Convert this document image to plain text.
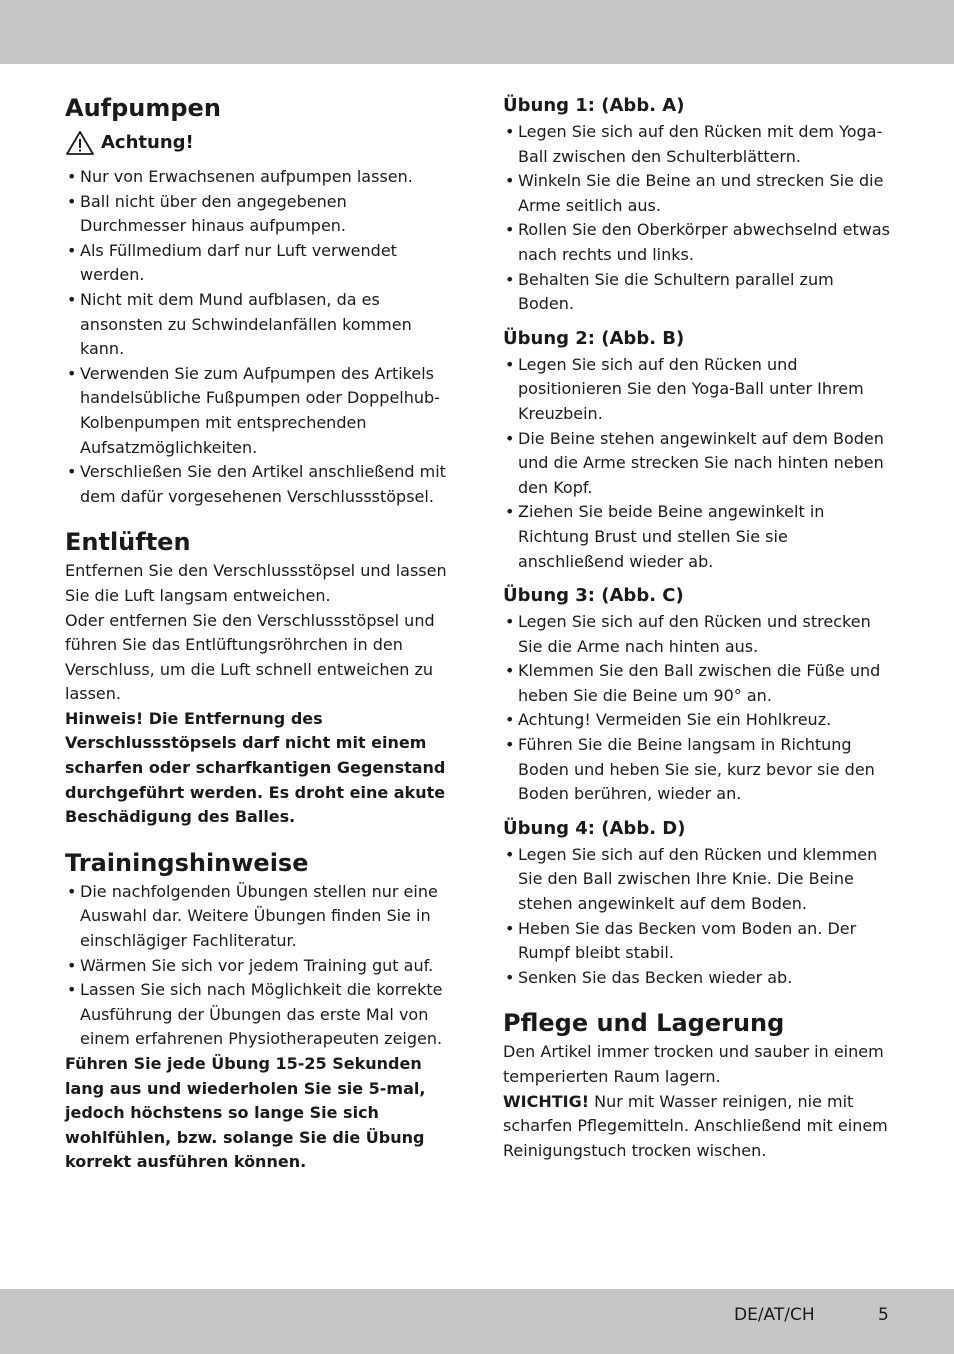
Aufpumpen
Achtung!
• Nur von Erwachsenen aufpumpen lassen.
• Ball nicht über den angegebenen Durchmesser hinaus aufpumpen.
• Als Füllmedium darf nur Luft verwendet werden.
• Nicht mit dem Mund aufblasen, da es ansonsten zu Schwindelanfällen kommen kann.
• Verwenden Sie zum Aufpumpen des Artikels handelsübliche Fußpumpen oder Doppelhub-Kolbenpumpen mit entsprechenden Aufsatzmöglichkeiten.
• Verschließen Sie den Artikel anschließend mit dem dafür vorgesehenen Verschlussstöpsel.
Entlüften

Entfernen Sie den Verschlussstöpsel und lassen Sie die Luft langsam entweichen.

Oder entfernen Sie den Verschlussstöpsel und führen Sie das Entlüftungsröhrchen in den Verschluss, um die Luft schnell entweichen zu lassen.

Hinweis! Die Entfernung des Verschlussstöpsels darf nicht mit einem scharfen oder scharfkantigen Gegenstand durchgeführt werden. Es droht eine akute Beschädigung des Balles.

Trainingshinweise
• Die nachfolgenden Übungen stellen nur eine Auswahl dar. Weitere Übungen finden Sie in einschlägiger Fachliteratur.
• Wärmen Sie sich vor jedem Training gut auf.
• Lassen Sie sich nach Möglichkeit die korrekte Ausführung der Übungen das erste Mal von einem erfahrenen Physiotherapeuten zeigen.

Führen Sie jede Übung 15-25 Sekunden lang aus und wiederholen Sie sie 5-mal, jedoch höchstens so lange Sie sich wohlfühlen, bzw. solange Sie die Übung korrekt ausführen können.

Übung 1: (Abb. A)
• Legen Sie sich auf den Rücken mit dem Yoga-Ball zwischen den Schulterblättern.
• Winkeln Sie die Beine an und strecken Sie die Arme seitlich aus.
• Rollen Sie den Oberkörper abwechselnd etwas nach rechts und links.
• Behalten Sie die Schultern parallel zum Boden.
Übung 2: (Abb. B)
• Legen Sie sich auf den Rücken und positionieren Sie den Yoga-Ball unter Ihrem Kreuzbein.
• Die Beine stehen angewinkelt auf dem Boden und die Arme strecken Sie nach hinten neben den Kopf.
• Ziehen Sie beide Beine angewinkelt in Richtung Brust und stellen Sie sie anschließend wieder ab.
Übung 3: (Abb. C)
• Legen Sie sich auf den Rücken und strecken Sie die Arme nach hinten aus.
• Klemmen Sie den Ball zwischen die Füße und heben Sie die Beine um 90° an.
• Achtung! Vermeiden Sie ein Hohlkreuz.
• Führen Sie die Beine langsam in Richtung Boden und heben Sie sie, kurz bevor sie den Boden berühren, wieder an.
Übung 4: (Abb. D)
• Legen Sie sich auf den Rücken und klemmen Sie den Ball zwischen Ihre Knie. Die Beine stehen angewinkelt auf dem Boden.
• Heben Sie das Becken vom Boden an. Der Rumpf bleibt stabil.
• Senken Sie das Becken wieder ab.
Pflege und Lagerung

Den Artikel immer trocken und sauber in einem temperierten Raum lagern.

WICHTIG! Nur mit Wasser reinigen, nie mit scharfen Pflegemitteln. Anschließend mit einem Reinigungstuch trocken wischen.

DE/AT/CH	5
